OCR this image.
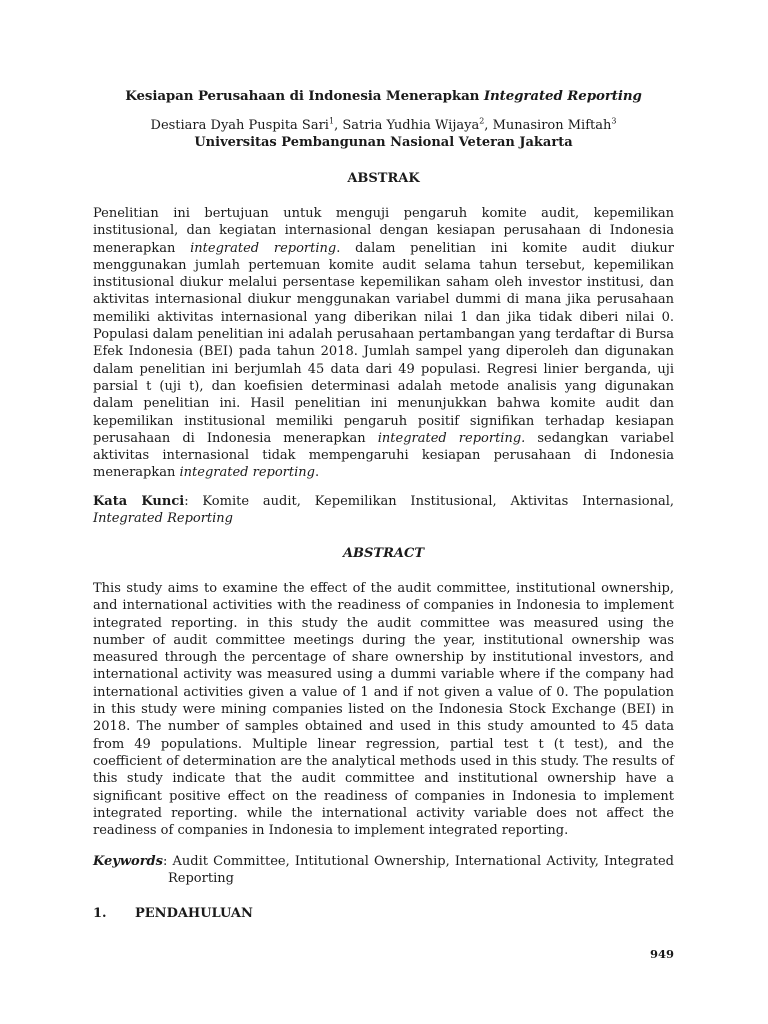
Kesiapan Perusahaan di Indonesia Menerapkan Integrated Reporting
Destiara Dyah Puspita Sari$^1$, Satria Yudhia Wijaya$^2$, Munasiron Miftah$^3$
Universitas Pembangunan Nasional Veteran Jakarta
ABSTRAK
Penelitian ini bertujuan untuk menguji pengaruh komite audit, kepemilikan institusional, dan kegiatan internasional dengan kesiapan perusahaan di Indonesia menerapkan integrated reporting. dalam penelitian ini komite audit diukur menggunakan jumlah pertemuan komite audit selama tahun tersebut, kepemilikan institusional diukur melalui persentase kepemilikan saham oleh investor institusi, dan aktivitas internasional diukur menggunakan variabel dummi di mana jika perusahaan memiliki aktivitas internasional yang diberikan nilai 1 dan jika tidak diberi nilai 0. Populasi dalam penelitian ini adalah perusahaan pertambangan yang terdaftar di Bursa Efek Indonesia (BEI) pada tahun 2018. Jumlah sampel yang diperoleh dan digunakan dalam penelitian ini berjumlah 45 data dari 49 populasi. Regresi linier berganda, uji parsial t (uji t), dan koefisien determinasi adalah metode analisis yang digunakan dalam penelitian ini. Hasil penelitian ini menunjukkan bahwa komite audit dan kepemilikan institusional memiliki pengaruh positif signifikan terhadap kesiapan perusahaan di Indonesia menerapkan integrated reporting. sedangkan variabel aktivitas internasional tidak mempengaruhi kesiapan perusahaan di Indonesia menerapkan integrated reporting.
Kata Kunci: Komite audit, Kepemilikan Institusional, Aktivitas Internasional, Integrated Reporting
ABSTRACT
This study aims to examine the effect of the audit committee, institutional ownership, and international activities with the readiness of companies in Indonesia to implement integrated reporting. in this study the audit committee was measured using the number of audit committee meetings during the year, institutional ownership was measured through the percentage of share ownership by institutional investors, and international activity was measured using a dummi variable where if the company had international activities given a value of 1 and if not given a value of 0. The population in this study were mining companies listed on the Indonesia Stock Exchange (BEI) in 2018. The number of samples obtained and used in this study amounted to 45 data from 49 populations. Multiple linear regression, partial test t (t test), and the coefficient of determination are the analytical methods used in this study. The results of this study indicate that the audit committee and institutional ownership have a significant positive effect on the readiness of companies in Indonesia to implement integrated reporting. while the international activity variable does not affect the readiness of companies in Indonesia to implement integrated reporting.
Keywords: Audit Committee, Intitutional Ownership, International Activity, Integrated Reporting
1. PENDAHULUAN
949
